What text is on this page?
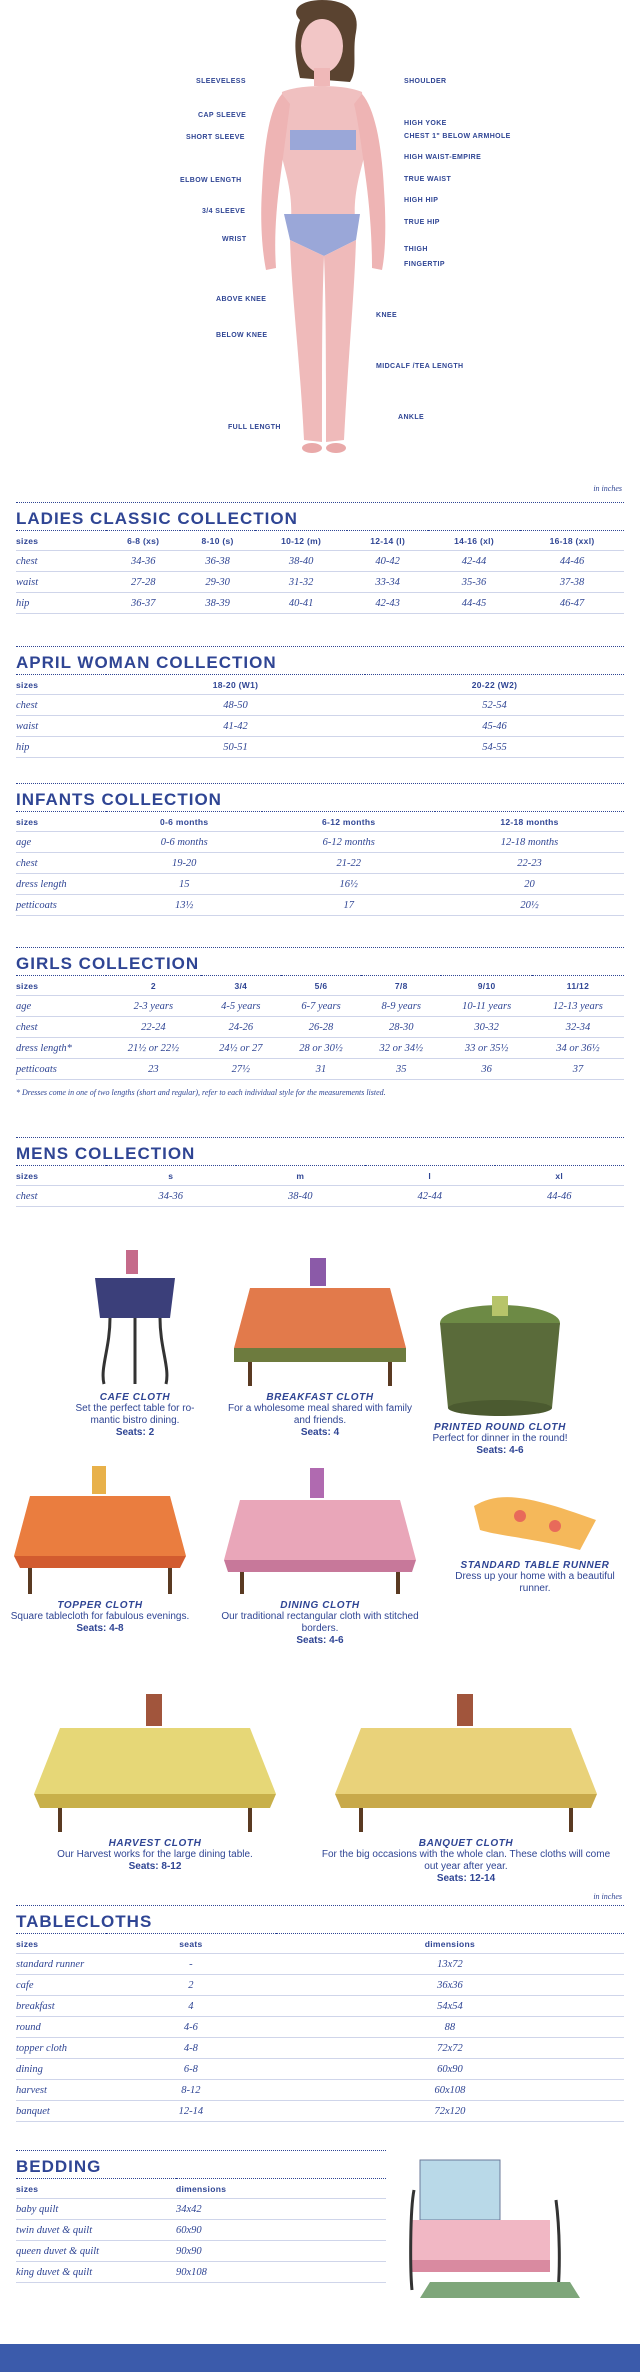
SLEEVELESS
CAP SLEEVE
SHORT SLEEVE
ELBOW LENGTH
3/4 SLEEVE
WRIST
ABOVE KNEE
BELOW KNEE
FULL LENGTH
SHOULDER
HIGH YOKE
CHEST 1" BELOW ARMHOLE
HIGH WAIST-EMPIRE
TRUE WAIST
HIGH HIP
TRUE HIP
THIGH
FINGERTIP
KNEE
MIDCALF /TEA LENGTH
ANKLE
in inches
LADIES CLASSIC COLLECTION
sizes	6-8 (xs)	8-10 (s)	10-12 (m)	12-14 (l)	14-16 (xl)	16-18 (xxl)
chest	34-36	36-38	38-40	40-42	42-44	44-46
waist	27-28	29-30	31-32	33-34	35-36	37-38
hip	36-37	38-39	40-41	42-43	44-45	46-47
APRIL WOMAN COLLECTION
sizes	18-20 (W1)	20-22 (W2)
chest	48-50	52-54
waist	41-42	45-46
hip	50-51	54-55
INFANTS COLLECTION
sizes	0-6 months	6-12 months	12-18 months
age	0-6 months	6-12 months	12-18 months
chest	19-20	21-22	22-23
dress length	15	16½	20
petticoats	13½	17	20½
GIRLS COLLECTION
sizes	2	3/4	5/6	7/8	9/10	11/12
age	2-3 years	4-5 years	6-7 years	8-9 years	10-11 years	12-13 years
chest	22-24	24-26	26-28	28-30	30-32	32-34
dress length*	21½ or 22½	24½ or 27	28 or 30½	32 or 34½	33 or 35½	34 or 36½
petticoats	23	27½	31	35	36	37
* Dresses come in one of two lengths (short and regular), refer to each individual style for the measurements listed.
MENS COLLECTION
sizes	s	m	l	xl
chest	34-36	38-40	42-44	44-46
CAFE CLOTH
Set the perfect table for ro-mantic bistro dining.
Seats: 2
BREAKFAST CLOTH
For a wholesome meal shared with family and friends.
Seats: 4	PRINTED ROUND CLOTH
Perfect for dinner in the round!
Seats: 4-6
TOPPER CLOTH
Square tablecloth for fabulous evenings.
Seats: 4-8
DINING CLOTH
Our traditional rectangular cloth with stitched borders.
Seats: 4-6
STANDARD TABLE RUNNER
Dress up your home with a beautiful runner.
HARVEST CLOTH
Our Harvest works for the large dining table.
Seats: 8-12
BANQUET CLOTH
For the big occasions with the whole clan. These cloths will come out year after year.
Seats: 12-14
in inches
TABLECLOTHS
sizes	seats	dimensions
standard runner	-	13x72
cafe	2	36x36
breakfast	4	54x54
round	4-6	88
topper cloth	4-8	72x72
dining	6-8	60x90
harvest	8-12	60x108
banquet	12-14	72x120
BEDDING
sizes	dimensions
baby quilt	34x42
twin duvet & quilt	60x90
queen duvet & quilt	90x90
king duvet & quilt	90x108
